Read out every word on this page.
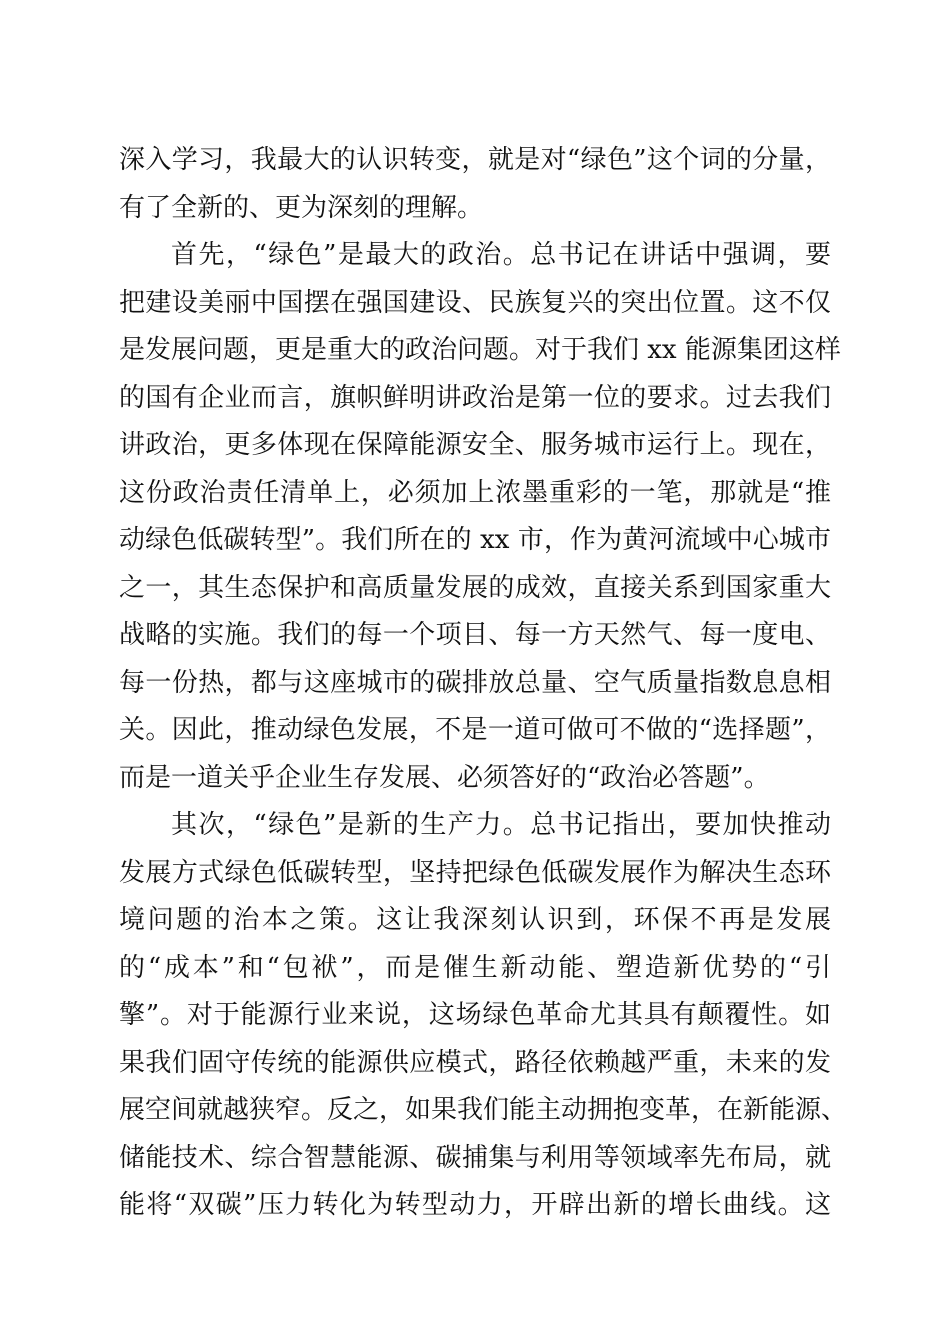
深入学习，我最大的认识转变，就是对“绿色”这个词的分量，
有了全新的、更为深刻的理解。
首先，“绿色”是最大的政治。总书记在讲话中强调，要
把建设美丽中国摆在强国建设、民族复兴的突出位置。这不仅
是发展问题，更是重大的政治问题。对于我们 xx 能源集团这样
的国有企业而言，旗帜鲜明讲政治是第一位的要求。过去我们
讲政治，更多体现在保障能源安全、服务城市运行上。现在，
这份政治责任清单上，必须加上浓墨重彩的一笔，那就是“推
动绿色低碳转型”。我们所在的 xx 市，作为黄河流域中心城市
之一，其生态保护和高质量发展的成效，直接关系到国家重大
战略的实施。我们的每一个项目、每一方天然气、每一度电、
每一份热，都与这座城市的碳排放总量、空气质量指数息息相
关。因此，推动绿色发展，不是一道可做可不做的“选择题”，
而是一道关乎企业生存发展、必须答好的“政治必答题”。
其次，“绿色”是新的生产力。总书记指出，要加快推动
发展方式绿色低碳转型，坚持把绿色低碳发展作为解决生态环
境问题的治本之策。这让我深刻认识到，环保不再是发展
的“成本”和“包袱”，而是催生新动能、塑造新优势的“引
擎”。对于能源行业来说，这场绿色革命尤其具有颠覆性。如
果我们固守传统的能源供应模式，路径依赖越严重，未来的发
展空间就越狭窄。反之，如果我们能主动拥抱变革，在新能源、
储能技术、综合智慧能源、碳捕集与利用等领域率先布局，就
能将“双碳”压力转化为转型动力，开辟出新的增长曲线。这
